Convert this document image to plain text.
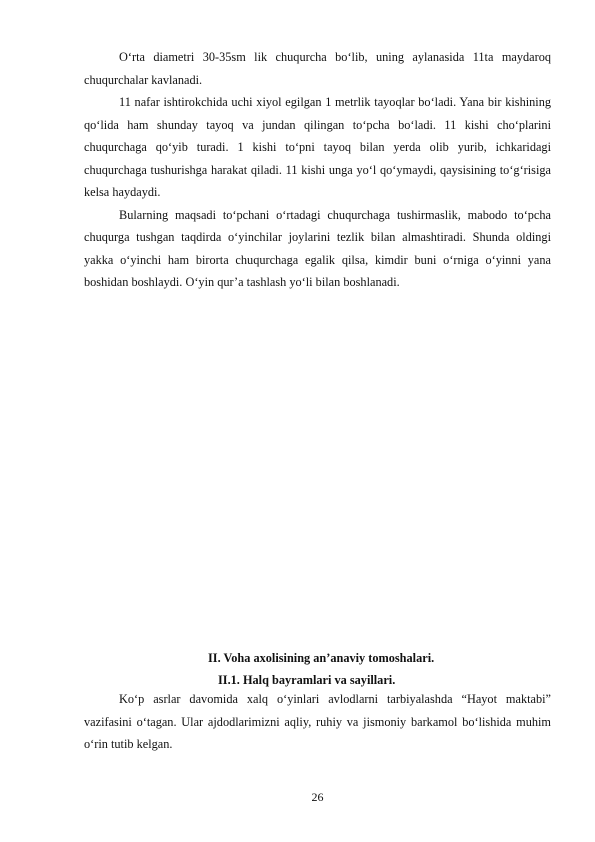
O‘rta diametri 30-35sm lik chuqurcha bo‘lib, uning aylanasida 11ta maydaroq chuqurchalar kavlanadi.

11 nafar ishtirokchida uchi xiyol egilgan 1 metrlik tayoqlar bo‘ladi. Yana bir kishining qo‘lida ham shunday tayoq va jundan qilingan to‘pcha bo‘ladi. 11 kishi cho‘plarini chuqurchaga qo‘yib turadi. 1 kishi to‘pni tayoq bilan yerda olib yurib, ichkaridagi chuqurchaga tushurishga harakat qiladi. 11 kishi unga yo‘l qo‘ymaydi, qaysisining to‘g‘risiga kelsa haydaydi.

Bularning maqsadi to‘pchani o‘rtadagi chuqurchaga tushirmaslik, mabodo to‘pcha chuqurga tushgan taqdirda o‘yinchilar joylarini tezlik bilan almashtiradi. Shunda oldingi yakka o‘yinchi ham birorta chuqurchaga egalik qilsa, kimdir buni o‘rniga o‘yinni yana boshidan boshlaydi. O‘yin qur’a tashlash yo‘li bilan boshlanadi.

II. Voha axolisining an’anaviy tomoshalari.

II.1. Halq bayramlari va sayillari.

Ko‘p asrlar davomida xalq o‘yinlari avlodlarni tarbiyalashda “Hayot maktabi” vazifasini o‘tagan. Ular ajdodlarimizni aqliy, ruhiy va jismoniy barkamol bo‘lishida muhim o‘rin tutib kelgan.

26
